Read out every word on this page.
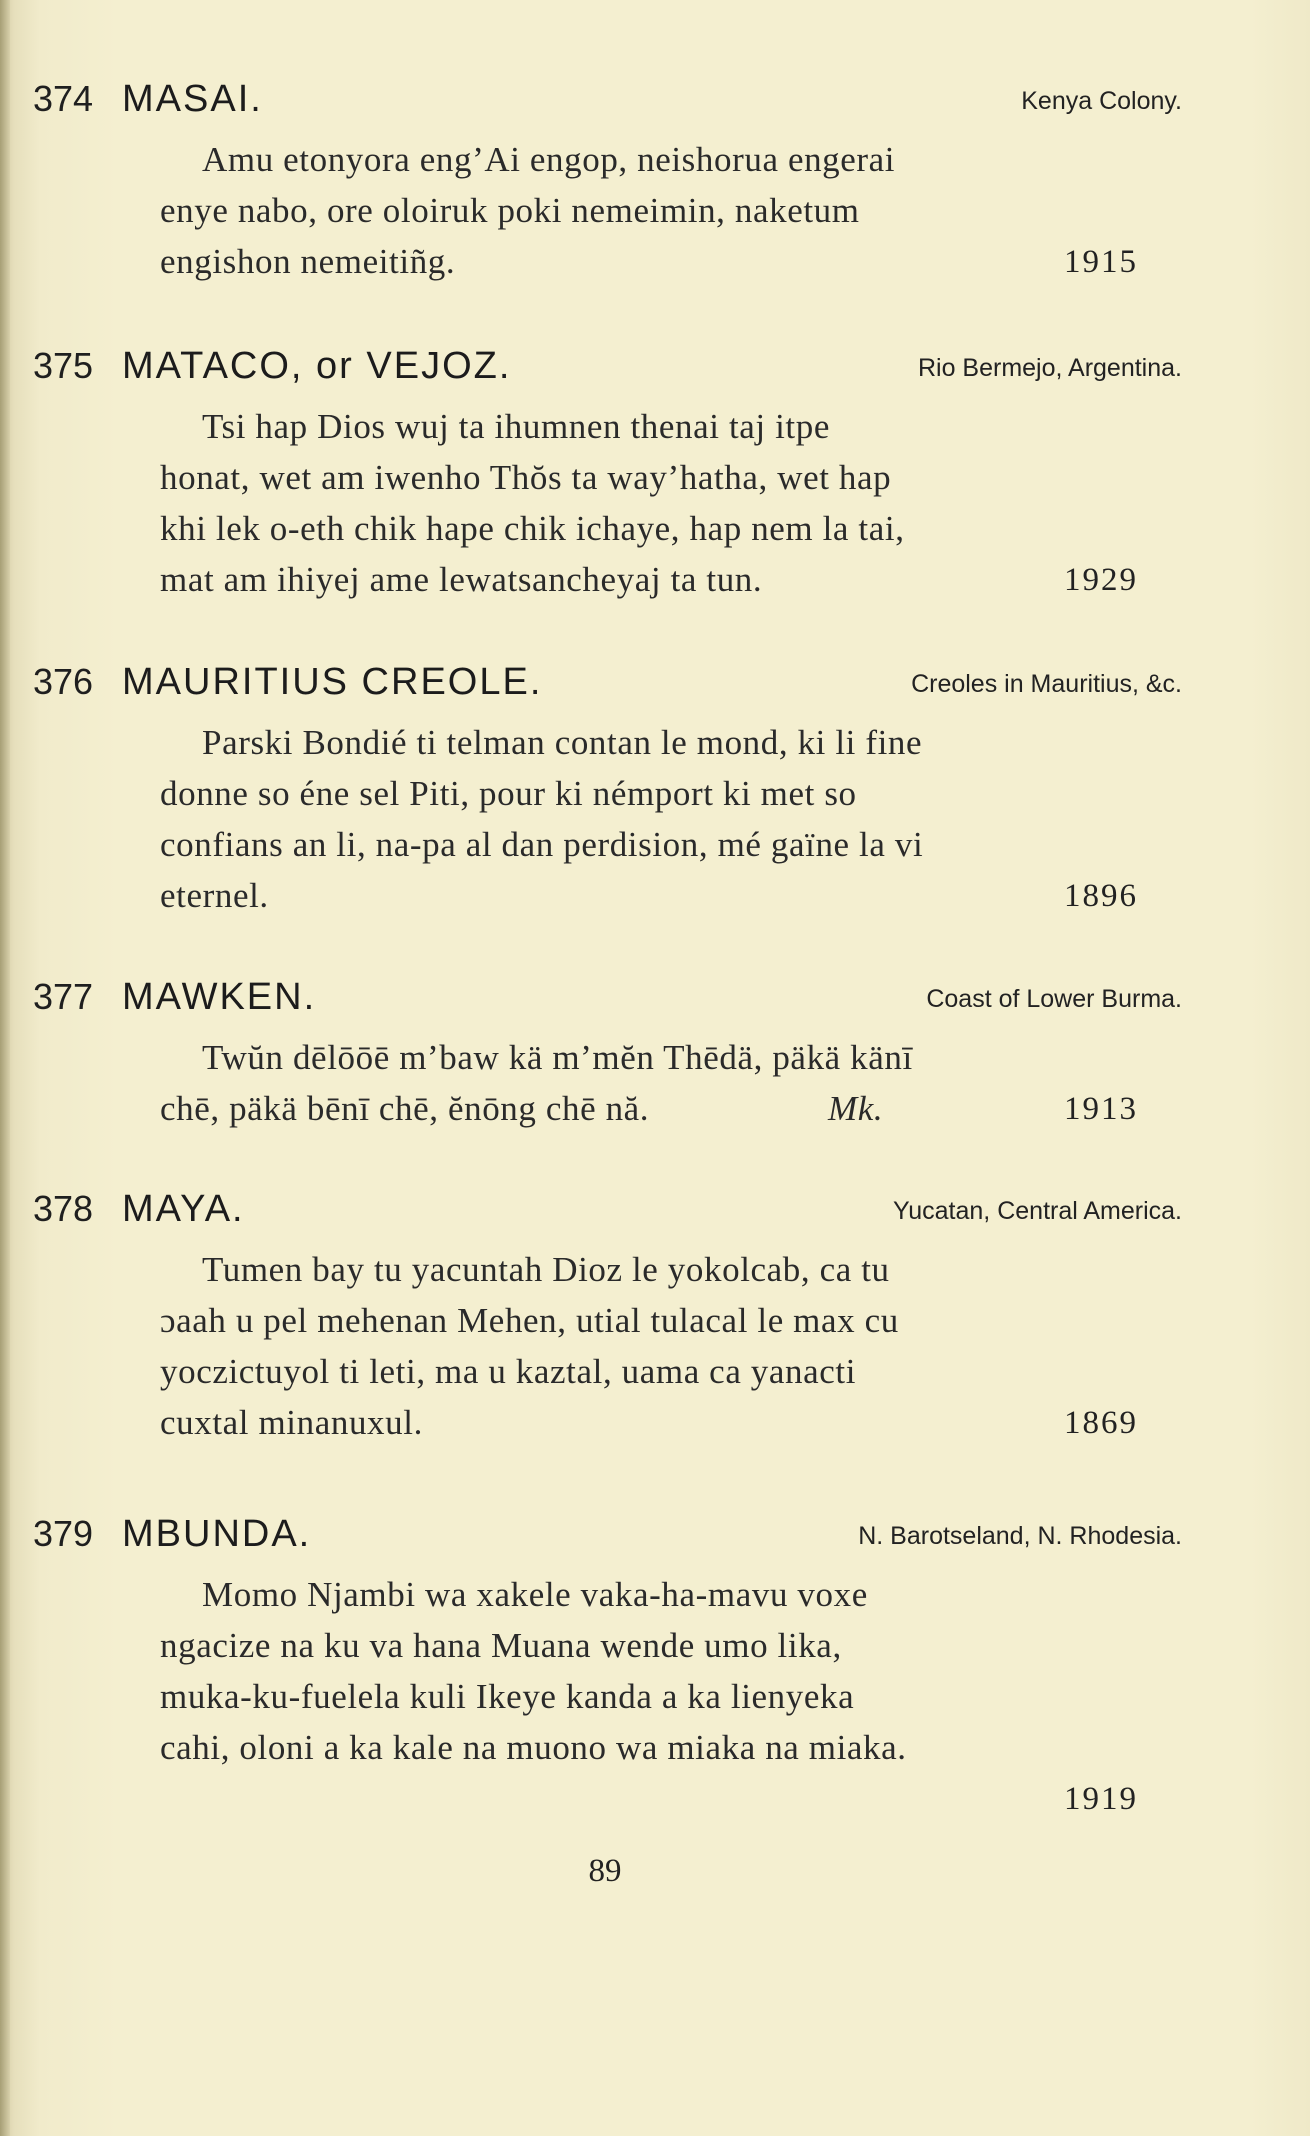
374 MASAI.	Kenya Colony.
Amu etonyora eng’Ai engop, neishorua engerai
enye nabo, ore oloiruk poki nemeimin, naketum
engishon nemeitiñg.	1915
375 MATACO, or VEJOZ.	Rio Bermejo, Argentina.
Tsi hap Dios wuj ta ihumnen thenai taj itpe
honat, wet am iwenho Thŏs ta way’hatha, wet hap
khi lek o-eth chik hape chik ichaye, hap nem la tai,
mat am ihiyej ame lewatsancheyaj ta tun.	1929
376 MAURITIUS CREOLE.	Creoles in Mauritius, &c.
Parski Bondié ti telman contan le mond, ki li fine
donne so éne sel Piti, pour ki némport ki met so
confians an li, na-pa al dan perdision, mé gaïne la vi
eternel.	1896
377 MAWKEN.	Coast of Lower Burma.
Twŭn dēlōōē m’baw kä m’mĕn Thēdä, päkä känī
chē, päkä bēnī chē, ĕnōng chē nă.	Mk.	1913
378 MAYA.	Yucatan, Central America.
Tumen bay tu yacuntah Dioz le yokolcab, ca tu
ɔaah u pel mehenan Mehen, utial tulacal le max cu
yoczictuyol ti leti, ma u kaztal, uama ca yanacti
cuxtal minanuxul.	1869
379 MBUNDA.	N. Barotseland, N. Rhodesia.
Momo Njambi wa xakele vaka-ha-mavu voxe
ngacize na ku va hana Muana wende umo lika,
muka-ku-fuelela kuli Ikeye kanda a ka lienyeka
cahi, oloni a ka kale na muono wa miaka na miaka.
1919
89
